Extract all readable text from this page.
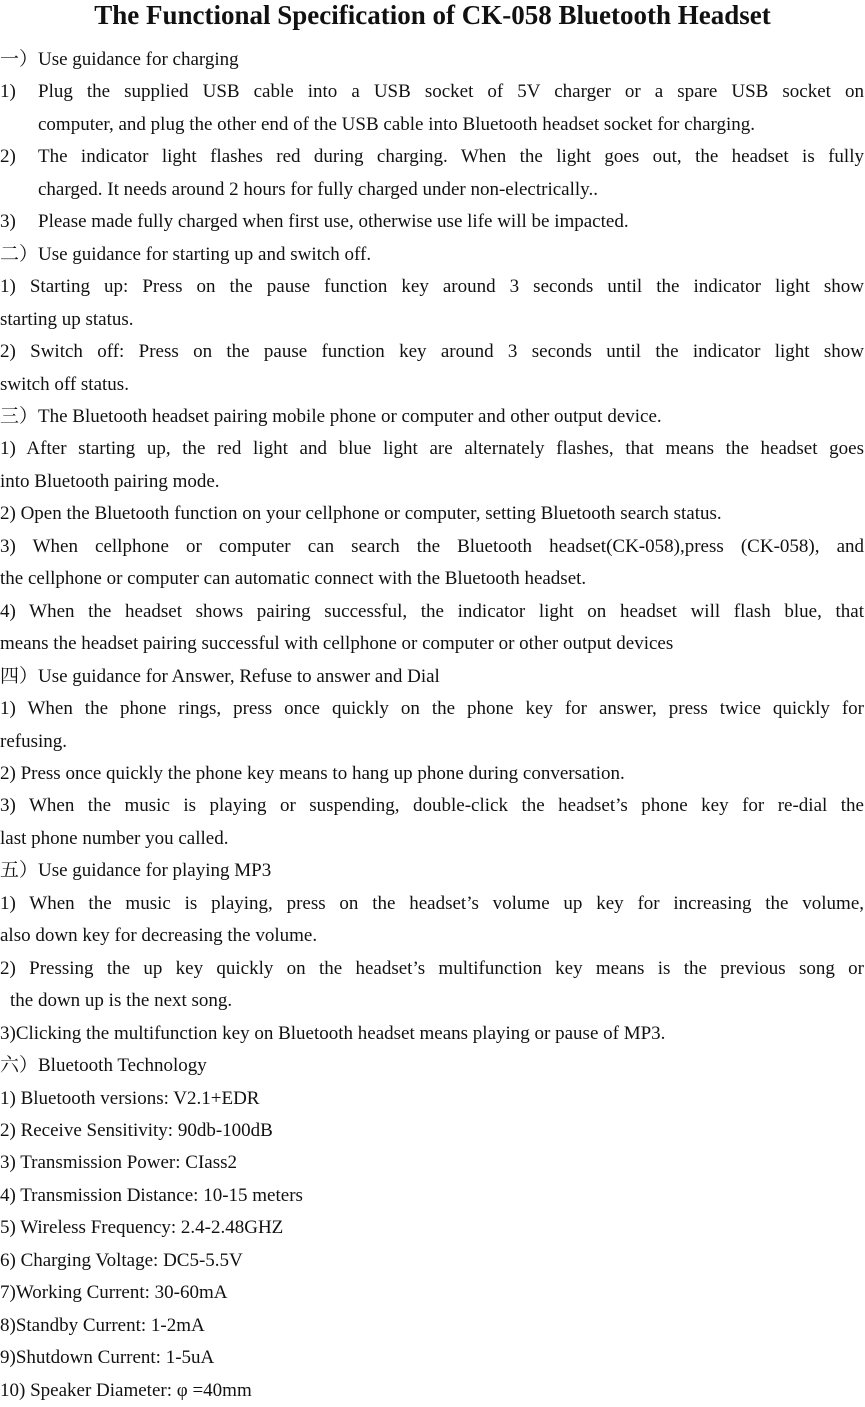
The Functional Specification of CK-058 Bluetooth Headset

一）Use guidance for charging

1)	Plug the supplied USB cable into a USB socket of 5V charger or a spare USB socket on

computer, and plug the other end of the USB cable into Bluetooth headset socket for charging.

2)	The indicator light flashes red during charging. When the light goes out, the headset is fully

charged. It needs around 2 hours for fully charged under non-electrically..

3)	Please made fully charged when first use, otherwise use life will be impacted.

二）Use guidance for starting up and switch off.

1) Starting up: Press on the pause function key around 3 seconds until the indicator light show

starting up status.

2) Switch off: Press on the pause function key around 3 seconds until the indicator light show

switch off status.

三）The Bluetooth headset pairing mobile phone or computer and other output device.

1) After starting up, the red light and blue light are alternately flashes, that means the headset goes

into Bluetooth pairing mode.

2) Open the Bluetooth function on your cellphone or computer, setting Bluetooth search status.

3) When cellphone or computer can search the Bluetooth headset(CK-058),press (CK-058), and

the cellphone or computer can automatic connect with the Bluetooth headset.

4) When the headset shows pairing successful, the indicator light on headset will flash blue, that

means the headset pairing successful with cellphone or computer or other output devices

四）Use guidance for Answer, Refuse to answer and Dial

1) When the phone rings, press once quickly on the phone key for answer, press twice quickly for

refusing.

2) Press once quickly the phone key means to hang up phone during conversation.

3) When the music is playing or suspending, double-click the headset’s phone key for re-dial the

last phone number you called.

五）Use guidance for playing MP3

1) When the music is playing, press on the headset’s volume up key for increasing the volume,

also down key for decreasing the volume.

2) Pressing the up key quickly on the headset’s multifunction key means is the previous song or

the down up is the next song.

3)Clicking the multifunction key on Bluetooth headset means playing or pause of MP3.

六）Bluetooth Technology

1) Bluetooth versions: V2.1+EDR

2) Receive Sensitivity: 90db-100dB

3) Transmission Power: CIass2

4) Transmission Distance: 10-15 meters

5) Wireless Frequency: 2.4-2.48GHZ

6) Charging Voltage: DC5-5.5V

7)Working Current: 30-60mA

8)Standby Current: 1-2mA

9)Shutdown Current: 1-5uA

10) Speaker Diameter: φ =40mm
